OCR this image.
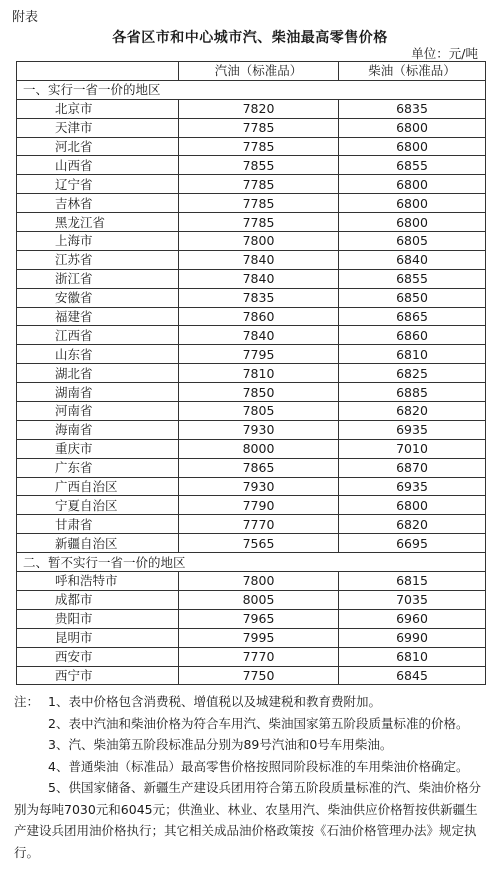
附表
各省区市和中心城市汽、柴油最高零售价格
单位：元/吨
	汽油（标准品）	柴油（标准品）
一、实行一省一价的地区		
北京市	7820	6835
天津市	7785	6800
河北省	7785	6800
山西省	7855	6855
辽宁省	7785	6800
吉林省	7785	6800
黑龙江省	7785	6800
上海市	7800	6805
江苏省	7840	6840
浙江省	7840	6855
安徽省	7835	6850
福建省	7860	6865
江西省	7840	6860
山东省	7795	6810
湖北省	7810	6825
湖南省	7850	6885
河南省	7805	6820
海南省	7930	6935
重庆市	8000	7010
广东省	7865	6870
广西自治区	7930	6935
宁夏自治区	7790	6800
甘肃省	7770	6820
新疆自治区	7565	6695
二、暂不实行一省一价的地区		
呼和浩特市	7800	6815
成都市	8005	7035
贵阳市	7965	6960
昆明市	7995	6990
西安市	7770	6810
西宁市	7750	6845

注： 1、表中价格包含消费税、增值税以及城建税和教育费附加。

2、表中汽油和柴油价格为符合车用汽、柴油国家第五阶段质量标准的价格。

3、汽、柴油第五阶段标准品分别为89号汽油和0号车用柴油。

4、普通柴油（标准品）最高零售价格按照同阶段标准的车用柴油价格确定。

5、供国家储备、新疆生产建设兵团用符合第五阶段质量标准的汽、柴油价格分别为每吨7030元和6045元；供渔业、林业、农垦用汽、柴油供应价格暂按供新疆生产建设兵团用油价格执行；其它相关成品油价格政策按《石油价格管理办法》规定执行。
